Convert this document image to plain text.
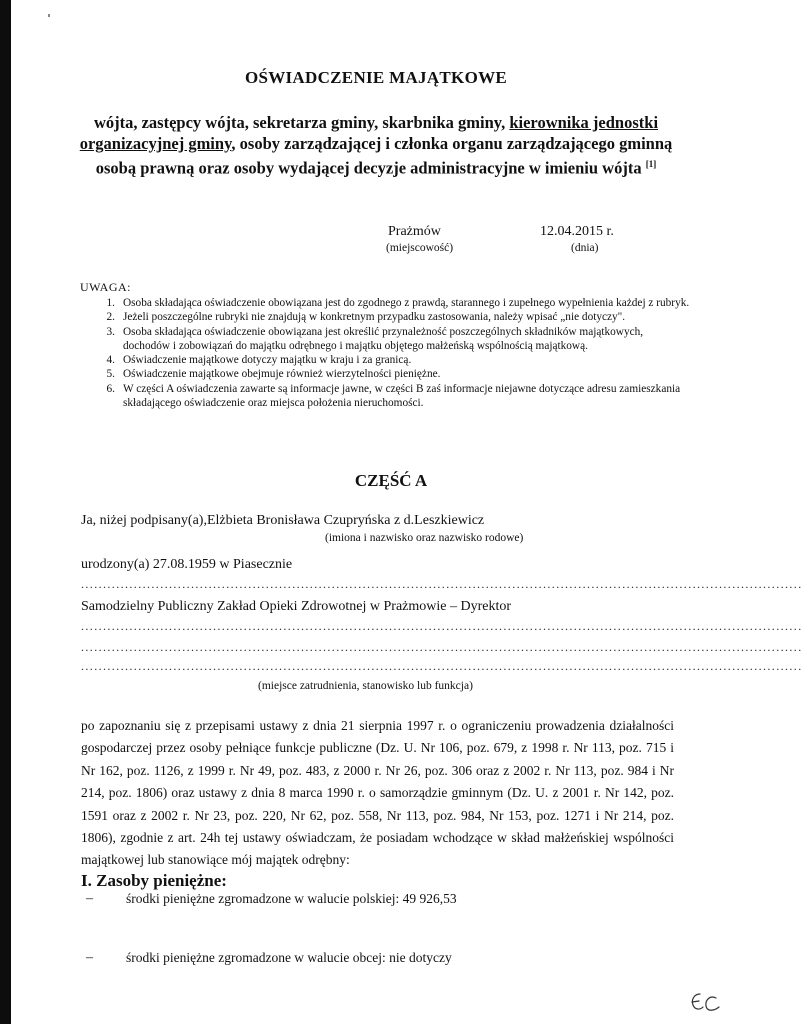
OŚWIADCZENIE MAJĄTKOWE
wójta, zastępcy wójta, sekretarza gminy, skarbnika gminy, kierownika jednostki organizacyjnej gminy, osoby zarządzającej i członka organu zarządzającego gminną osobą prawną oraz osoby wydającej decyzje administracyjne w imieniu wójta [1]
Prażmów
(miejscowość)
12.04.2015 r.
(dnia)
UWAGA:
1. Osoba składająca oświadczenie obowiązana jest do zgodnego z prawdą, starannego i zupełnego wypełnienia każdej z rubryk.
2. Jeżeli poszczególne rubryki nie znajdują w konkretnym przypadku zastosowania, należy wpisać „nie dotyczy".
3. Osoba składająca oświadczenie obowiązana jest określić przynależność poszczególnych składników majątkowych, dochodów i zobowiązań do majątku odrębnego i majątku objętego małżeńską wspólnością majątkową.
4. Oświadczenie majątkowe dotyczy majątku w kraju i za granicą.
5. Oświadczenie majątkowe obejmuje również wierzytelności pieniężne.
6. W części A oświadczenia zawarte są informacje jawne, w części B zaś informacje niejawne dotyczące adresu zamieszkania składającego oświadczenie oraz miejsca położenia nieruchomości.
CZĘŚĆ A
Ja, niżej podpisany(a),Elżbieta Bronisława Czupryńska z d.Leszkiewicz
(imiona i nazwisko oraz nazwisko rodowe)
urodzony(a) 27.08.1959 w Piasecznie
....................................................................................................................................................................
Samodzielny Publiczny Zakład Opieki Zdrowotnej w Prażmowie – Dyrektor
....................................................................................................................................................................
....................................................................................................................................................................
....................................................................................................................................................................
(miejsce zatrudnienia, stanowisko lub funkcja)
po zapoznaniu się z przepisami ustawy z dnia 21 sierpnia 1997 r. o ograniczeniu prowadzenia działalności gospodarczej przez osoby pełniące funkcje publiczne (Dz. U. Nr 106, poz. 679, z 1998 r. Nr 113, poz. 715 i Nr 162, poz. 1126, z 1999 r. Nr 49, poz. 483, z 2000 r. Nr 26, poz. 306 oraz z 2002 r. Nr 113, poz. 984 i Nr 214, poz. 1806) oraz ustawy z dnia 8 marca 1990 r. o samorządzie gminnym (Dz. U. z 2001 r. Nr 142, poz. 1591 oraz z 2002 r. Nr 23, poz. 220, Nr 62, poz. 558, Nr 113, poz. 984, Nr 153, poz. 1271 i Nr 214, poz. 1806), zgodnie z art. 24h tej ustawy oświadczam, że posiadam wchodzące w skład małżeńskiej wspólności majątkowej lub stanowiące mój majątek odrębny:
I. Zasoby pieniężne:
– środki pieniężne zgromadzone w walucie polskiej: 49 926,53
– środki pieniężne zgromadzone w walucie obcej: nie dotyczy
